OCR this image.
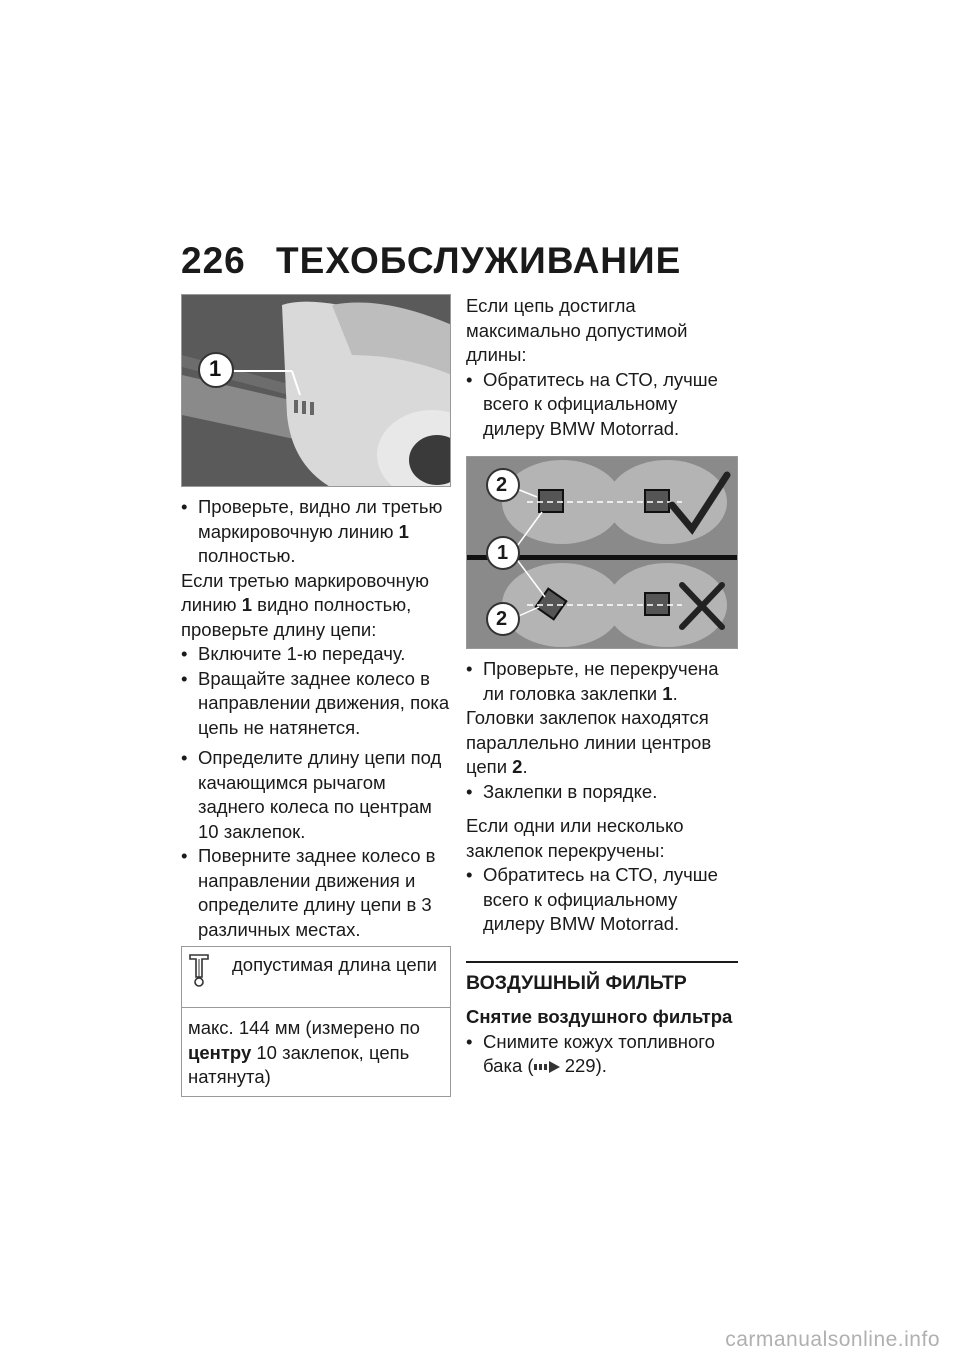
226 ТЕХОБСЛУЖИВАНИЕ
1

• Проверьте, видно ли третью маркировочную линию 1 полностью.

Если третью маркировочную линию 1 видно полностью, проверьте длину цепи:

• Включите 1-ю передачу.

• Вращайте заднее колесо в направлении движения, пока цепь не натянется.

• Определите длину цепи под качающимся рычагом заднего колеса по центрам 10 заклепок.

• Поверните заднее колесо в направлении движения и определите длину цепи в 3 различных местах.

допустимая длина цепи
макс. 144 мм (измерено по центру 10 заклепок, цепь натянута)

Если цепь достигла максимально допустимой длины:

• Обратитесь на СТО, лучше всего к официальному дилеру BMW Motorrad.

2
1
2

• Проверьте, не перекручена ли головка заклепки 1.

Головки заклепок находятся параллельно линии центров цепи 2.

• Заклепки в порядке.

Если одни или несколько заклепок перекручены:

• Обратитесь на СТО, лучше всего к официальному дилеру BMW Motorrad.

ВОЗДУШНЫЙ ФИЛЬТР
Снятие воздушного фильтра

• Снимите кожух топливного бака ( 229).

carmanualsonline.info
